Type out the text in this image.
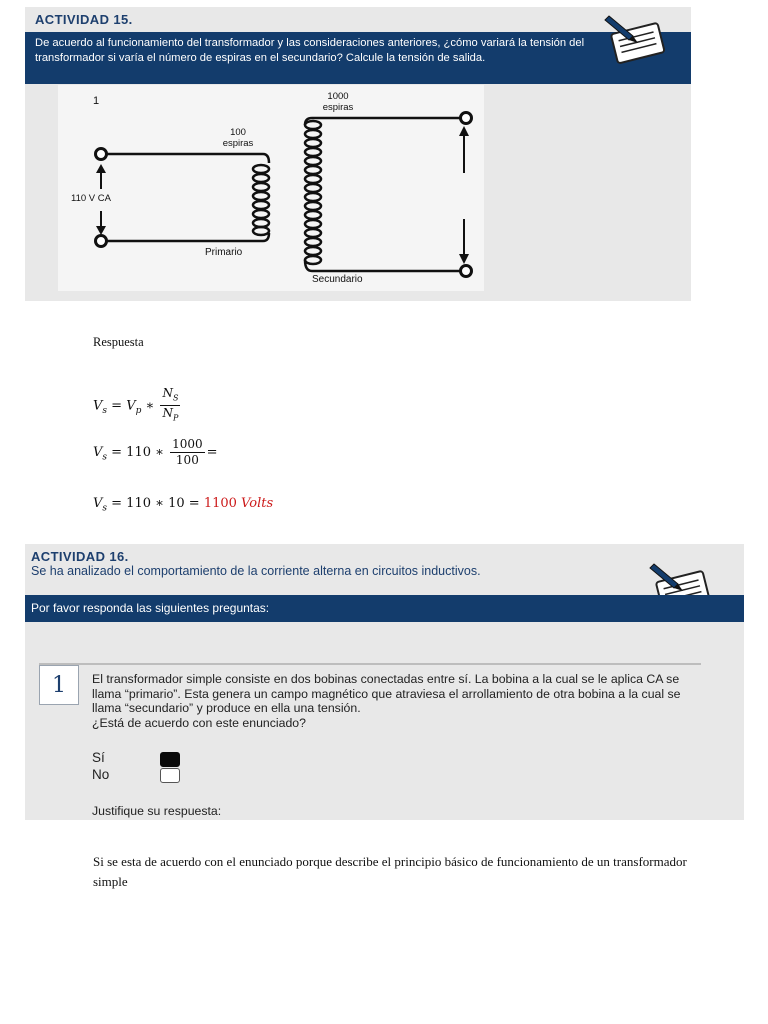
ACTIVIDAD 15.
De acuerdo al funcionamiento del transformador y las consideraciones anteriores, ¿cómo variará la tensión del transformador si varía el número de espiras en el secundario? Calcule la tensión de salida.
1
100
espiras
1000
espiras
110 V CA
Primario
Secundario
Respuesta
$V_s = V_p$ ∗ $\frac{N_S}{N_P}$
$V_s = 110$ ∗ $\frac{1000}{100}$ =
$V_s = 110$ ∗ 10 = 1100 Volts
ACTIVIDAD 16.
Se ha analizado el comportamiento de la corriente alterna en circuitos inductivos.
Por favor responda las siguientes preguntas:
1	El transformador simple consiste en dos bobinas conectadas entre sí. La bobina a la cual se le aplica CA se llama “primario”. Esta genera un campo magnético que atraviesa el arrollamiento de otra bobina a la cual se llama “secundario” y produce en ella una tensión.
¿Está de acuerdo con este enunciado?
Sí
No
Justifique su respuesta:
Si se esta de acuerdo con el enunciado porque describe el principio básico de funcionamiento de un transformador simple
